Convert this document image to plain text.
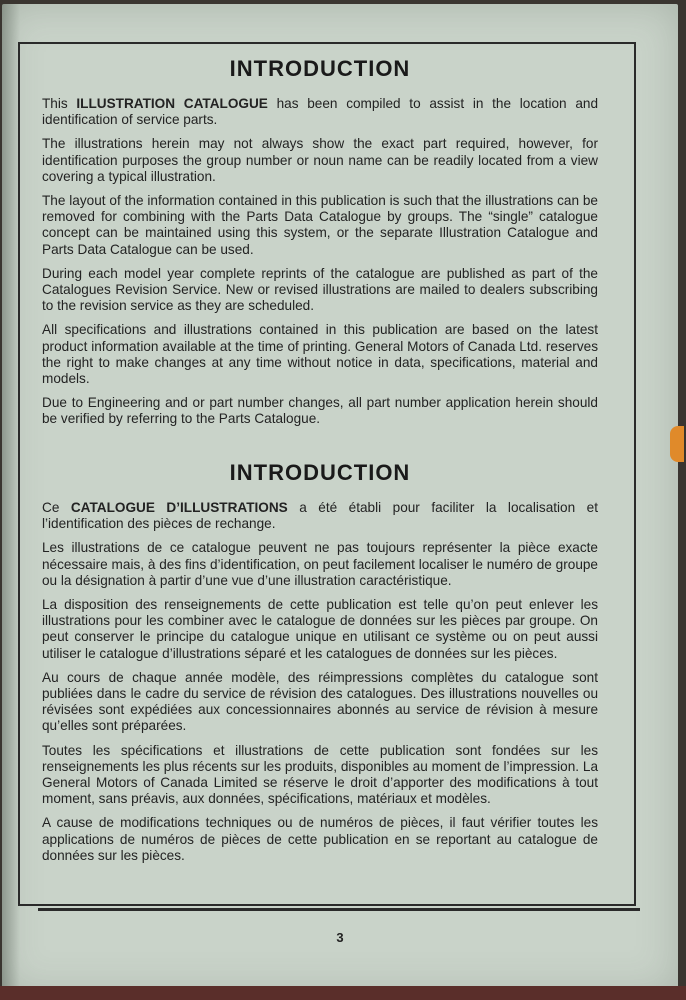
INTRODUCTION

This ILLUSTRATION CATALOGUE has been compiled to assist in the location and identification of service parts.

The illustrations herein may not always show the exact part required, however, for identification purposes the group number or noun name can be readily located from a view covering a typical illustration.

The layout of the information contained in this publication is such that the illustrations can be removed for combining with the Parts Data Catalogue by groups. The “single” catalogue concept can be maintained using this system, or the separate Illustration Catalogue and Parts Data Catalogue can be used.

During each model year complete reprints of the catalogue are published as part of the Catalogues Revision Service. New or revised illustrations are mailed to dealers subscribing to the revision service as they are scheduled.

All specifications and illustrations contained in this publication are based on the latest product information available at the time of printing. General Motors of Canada Ltd. reserves the right to make changes at any time without notice in data, specifications, material and models.

Due to Engineering and or part number changes, all part number application herein should be verified by referring to the Parts Catalogue.

INTRODUCTION

Ce CATALOGUE D’ILLUSTRATIONS a été établi pour faciliter la localisation et l’identification des pièces de rechange.

Les illustrations de ce catalogue peuvent ne pas toujours représenter la pièce exacte nécessaire mais, à des fins d’identification, on peut facilement localiser le numéro de groupe ou la désignation à partir d’une vue d’une illustration caractéristique.

La disposition des renseignements de cette publication est telle qu’on peut enlever les illustrations pour les combiner avec le catalogue de données sur les pièces par groupe. On peut conserver le principe du catalogue unique en utilisant ce système ou on peut aussi utiliser le catalogue d’illustrations séparé et les catalogues de données sur les pièces.

Au cours de chaque année modèle, des réimpressions complètes du catalogue sont publiées dans le cadre du service de révision des catalogues. Des illustrations nouvelles ou révisées sont expédiées aux concessionnaires abonnés au service de révision à mesure qu’elles sont préparées.

Toutes les spécifications et illustrations de cette publication sont fondées sur les renseignements les plus récents sur les produits, disponibles au moment de l’impression. La General Motors of Canada Limited se réserve le droit d’apporter des modifications à tout moment, sans préavis, aux données, spécifications, matériaux et modèles.

A cause de modifications techniques ou de numéros de pièces, il faut vérifier toutes les applications de numéros de pièces de cette publication en se reportant au catalogue de données sur les pièces.

3
